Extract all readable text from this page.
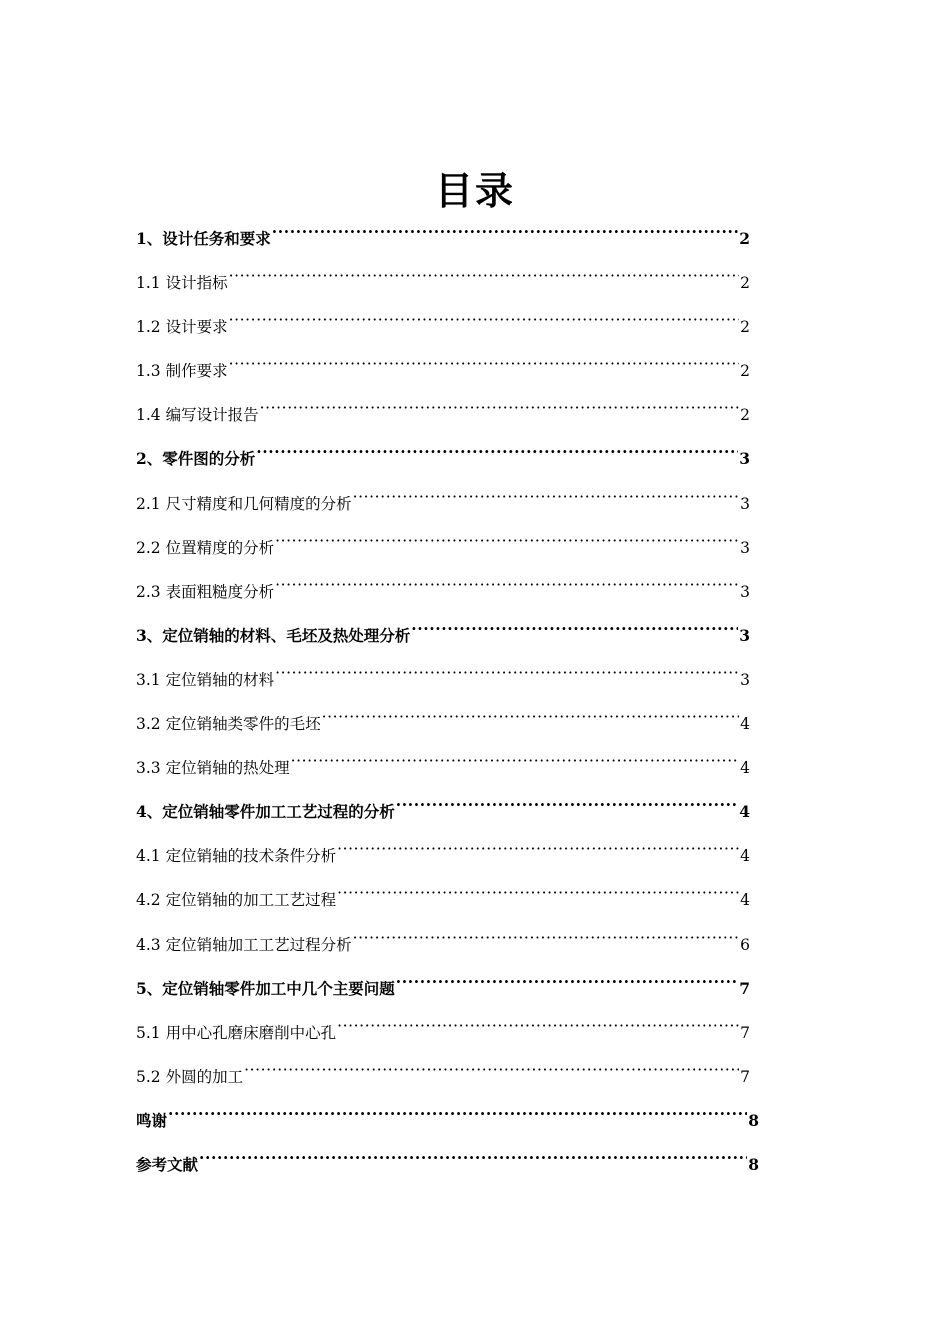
目录
1、设计任务和要求 ·····	2
1.1 设计指标 ·····	2
1.2 设计要求 ·····	2
1.3 制作要求 ·····	2
1.4 编写设计报告 ·····	2
2、零件图的分析 ·····	3
2.1 尺寸精度和几何精度的分析 ·····	3
2.2 位置精度的分析 ·····	3
2.3 表面粗糙度分析 ·····	3
3、定位销轴的材料、毛坯及热处理分析 ·····	3
3.1 定位销轴的材料 ·····	3
3.2 定位销轴类零件的毛坯 ·····	4
3.3 定位销轴的热处理 ·····	4
4、定位销轴零件加工工艺过程的分析 ·····	4
4.1 定位销轴的技术条件分析 ·····	4
4.2 定位销轴的加工工艺过程 ·····	4
4.3 定位销轴加工工艺过程分析 ·····	6
5、定位销轴零件加工中几个主要问题 ·····	7
5.1 用中心孔磨床磨削中心孔 ·····	7
5.2 外圆的加工 ·····	7
鸣谢 ·····	8
参考文献 ·····	8
